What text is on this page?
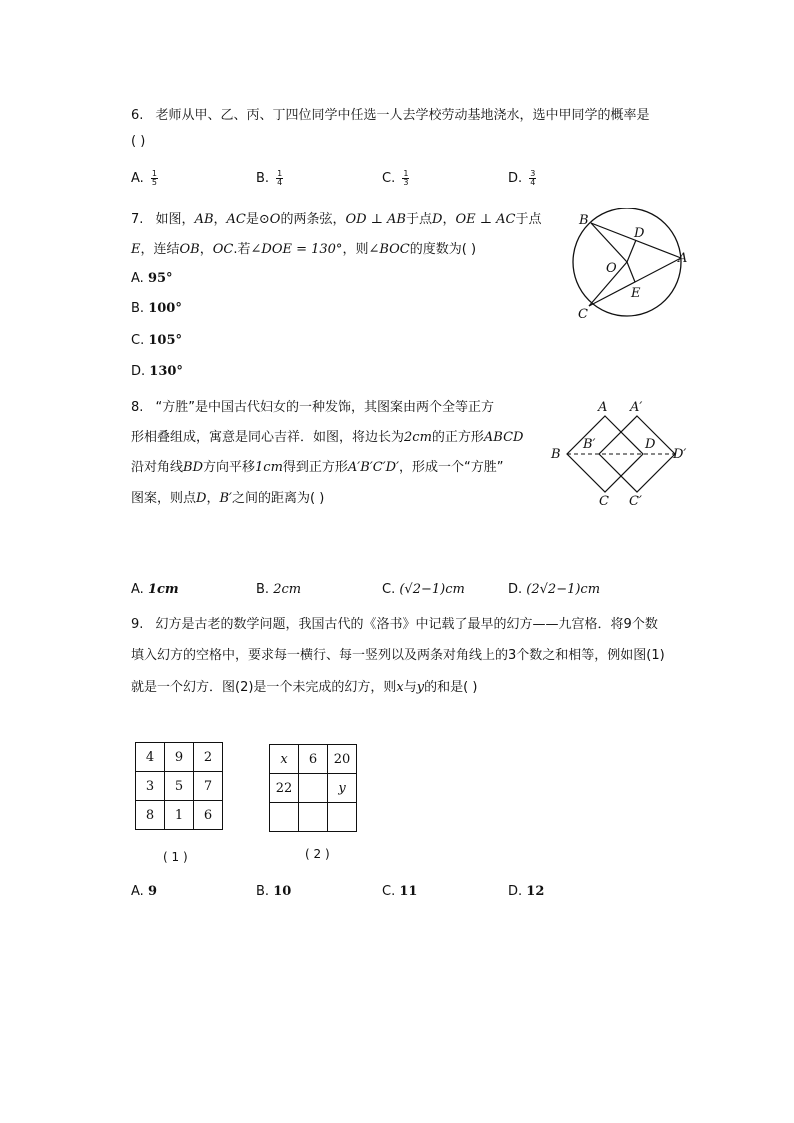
6. 老师从甲、乙、丙、丁四位同学中任选一人去学校劳动基地浇水，选中甲同学的概率是
( )
A. $\frac{1}{5}$	B. $\frac{1}{4}$	C. $\frac{1}{3}$	D. $\frac{3}{4}$
7. 如图，AB，AC是⊙O的两条弦，OD ⊥ AB于点D，OE ⊥ AC于点
E，连结OB，OC.若∠DOE = 130°，则∠BOC的度数为( )
A. 95°
B. 100°
C. 105°
D. 130°
B
D
A
O
E
C
8. “方胜”是中国古代妇女的一种发饰，其图案由两个全等正方
形相叠组成，寓意是同心吉祥．如图，将边长为2cm的正方形ABCD
沿对角线BD方向平移1cm得到正方形A′B′C′D′，形成一个“方胜”
图案，则点D，B′之间的距离为( )
A A′
B
B′	D
D′
C C′
A. 1cm	B. 2cm	C. (√2−1)cm	D. (2√2−1)cm
9. 幻方是古老的数学问题，我国古代的《洛书》中记载了最早的幻方——九宫格．将9个数
填入幻方的空格中，要求每一横行、每一竖列以及两条对角线上的3个数之和相等，例如图(1)
就是一个幻方．图(2)是一个未完成的幻方，则x与y的和是( )
4	9	2
3	5	7
8	1	6
( 1 )
x	6	20
22		y

( 2 )
A. 9	B. 10	C. 11	D. 12
